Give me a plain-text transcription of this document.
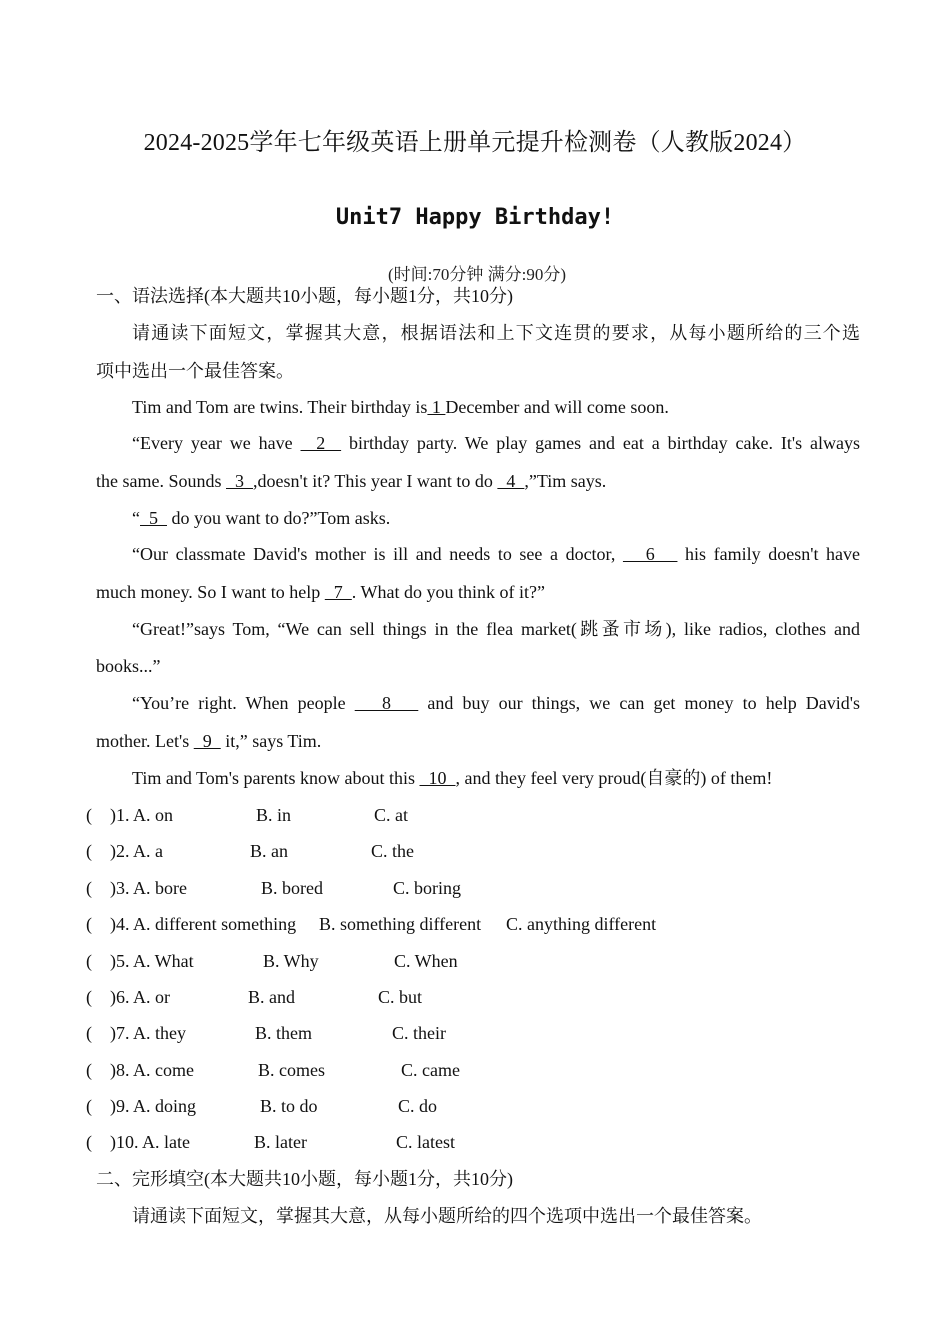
2024-2025学年七年级英语上册单元提升检测卷（人教版2024）
Unit7 Happy Birthday!
(时间:70分钟 满分:90分)
一、语法选择(本大题共10小题，每小题1分，共10分)
请通读下面短文，掌握其大意，根据语法和上下文连贯的要求，从每小题所给的三个选
项中选出一个最佳答案。
Tim and Tom are twins. Their birthday is 1 December and will come soon.
“Every year we have   2   birthday party. We play games and eat a birthday cake. It's always
the same. Sounds   3  ,doesn't it? This year I want to do   4  ,”Tim says.
“  5   do you want to do?”Tom asks.
“Our classmate David's mother is ill and needs to see a doctor,    6    his family doesn't have
much money. So I want to help   7  . What do you think of it?”
“Great!”says Tom, “We can sell things in the flea market(跳蚤市场), like radios, clothes and
books...”
“You’re right. When people    8    and buy our things, we can get money to help David's
mother. Let's   9   it,” says Tim.
Tim and Tom's parents know about this   10  , and they feel very proud(自豪的) of them!
( )1. A. on	B. in	C. at
( )2. A. a	B. an	C. the
( )3. A. bore	B. bored	C. boring
( )4. A. different something B. something different C. anything different
( )5. A. What	B. Why	C. When
( )6. A. or	B. and	C. but
( )7. A. they	B. them	C. their
( )8. A. come	B. comes	C. came
( )9. A. doing	B. to do	C. do
( )10. A. late	B. later	C. latest
二、完形填空(本大题共10小题，每小题1分，共10分)
请通读下面短文，掌握其大意，从每小题所给的四个选项中选出一个最佳答案。
